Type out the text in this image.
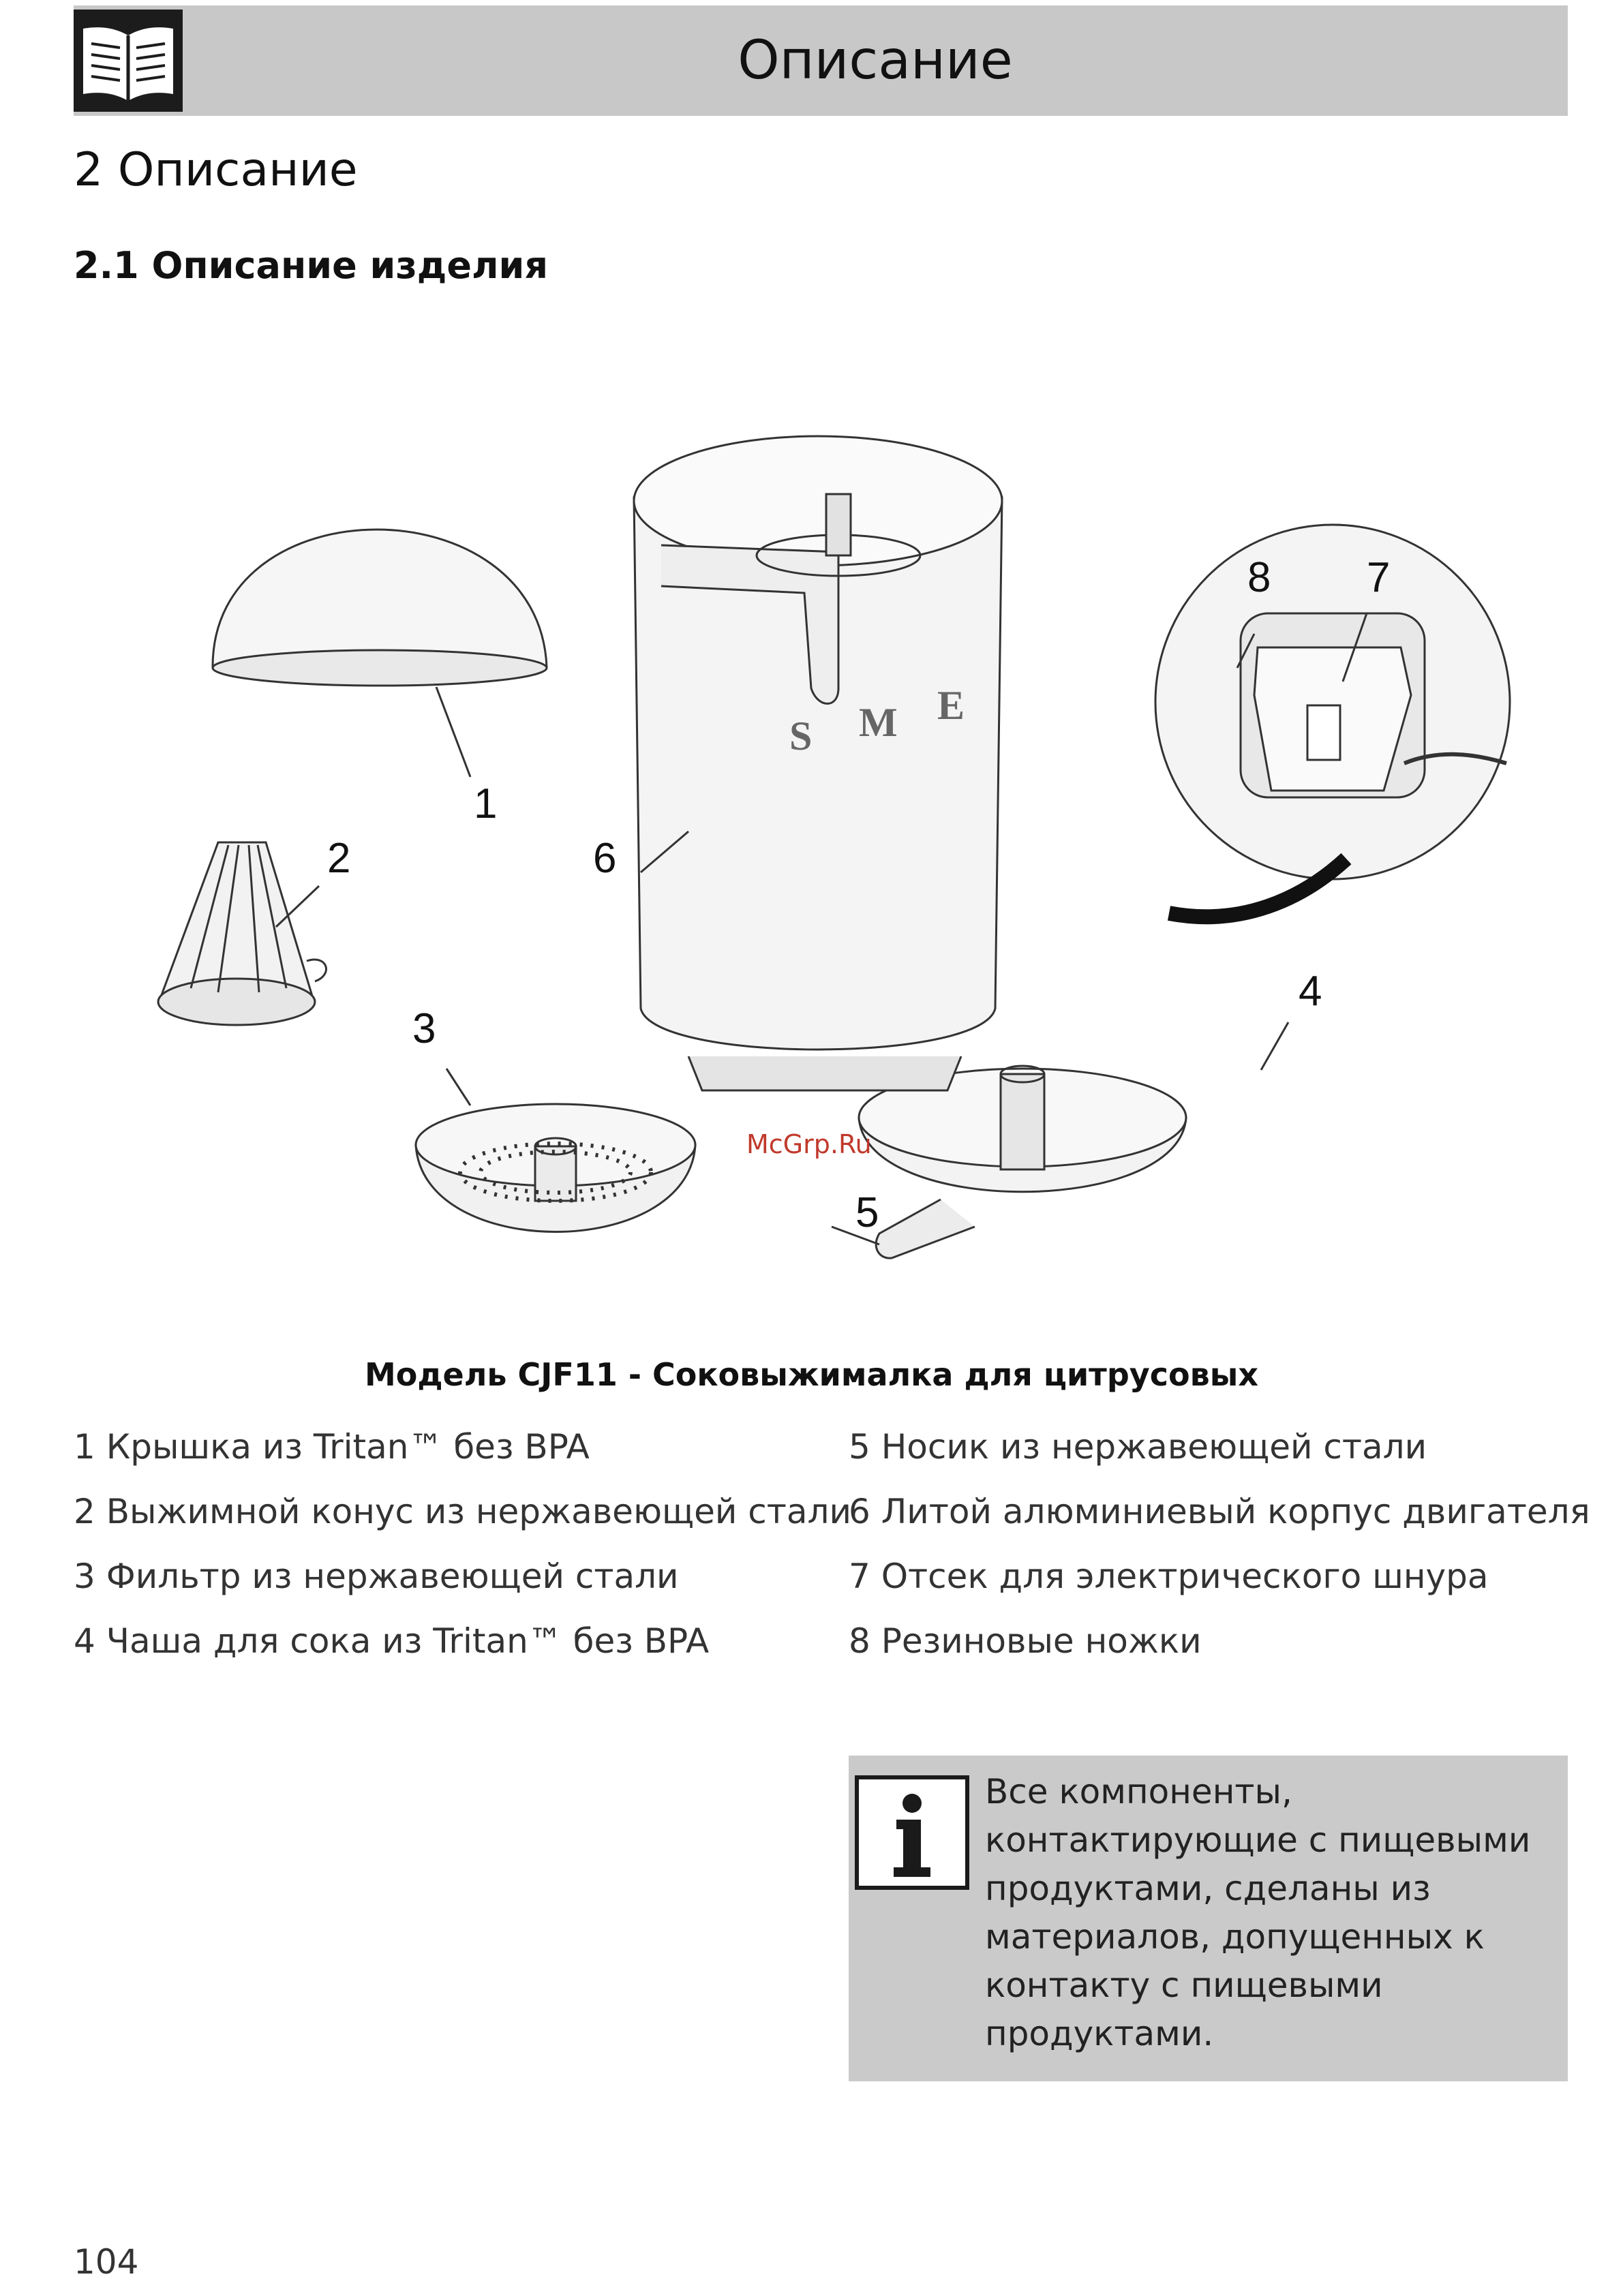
Описание
2 Описание
2.1 Описание изделия
1
2
3
4
5
6
7
8
S M E
McGrp.Ru
Модель CJF11 - Соковыжималка для цитрусовых
1 Крышка из Tritan™ без BPA
2 Выжимной конус из нержавеющей стали
3 Фильтр из нержавеющей стали
4 Чаша для сока из Tritan™ без BPA
5 Носик из нержавеющей стали
6 Литой алюминиевый корпус двигателя
7 Отсек для электрического шнура
8 Резиновые ножки
Все компоненты,
контактирующие с пищевыми
продуктами, сделаны из
материалов, допущенных к
контакту с пищевыми
продуктами.
104
